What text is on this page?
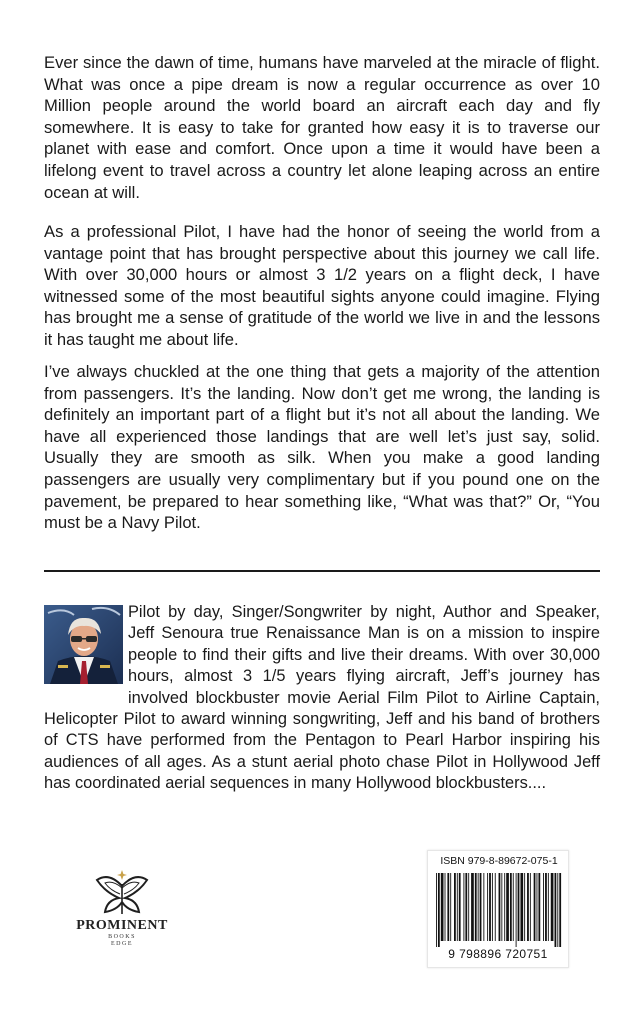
Ever since the dawn of time, humans have marveled at the miracle of flight. What was once a pipe dream is now a regular occurrence as over 10 Million people around the world board an aircraft each day and fly somewhere. It is easy to take for granted how easy it is to traverse our planet with ease and comfort. Once upon a time it would have been a lifelong event to travel across a country let alone leaping across an entire ocean at will.

As a professional Pilot, I have had the honor of seeing the world from a vantage point that has brought perspective about this journey we call life. With over 30,000 hours or almost 3 1/2 years on a flight deck, I have witnessed some of the most beautiful sights anyone could imagine. Flying has brought me a sense of gratitude of the world we live in and the lessons it has taught me about life.

I’ve always chuckled at the one thing that gets a majority of the attention from passengers. It’s the landing. Now don’t get me wrong, the landing is definitely an important part of a flight but it’s not all about the landing. We have all experienced those landings that are well let’s just say, solid. Usually they are smooth as silk. When you make a good landing passengers are usually very complimentary but if you pound one on the pavement, be prepared to hear something like, “What was that?” Or, “You must be a Navy Pilot.

Pilot by day, Singer/Songwriter by night, Author and Speaker, Jeff Senoura true Renaissance Man is on a mission to inspire people to find their gifts and live their dreams. With over 30,000 hours, almost 3 1/5 years flying aircraft, Jeff’s journey has involved blockbuster movie Aerial Film Pilot to Airline Captain, Helicopter Pilot to award winning songwriting, Jeff and his band of brothers of CTS have performed from the Pentagon to Pearl Harbor inspiring his audiences of all ages. As a stunt aerial photo chase Pilot in Hollywood Jeff has coordinated aerial sequences in many Hollywood blockbusters....

PROMINENT
BOOKS
EDGE
ISBN 979-8-89672-075-1
9 798896 720751
